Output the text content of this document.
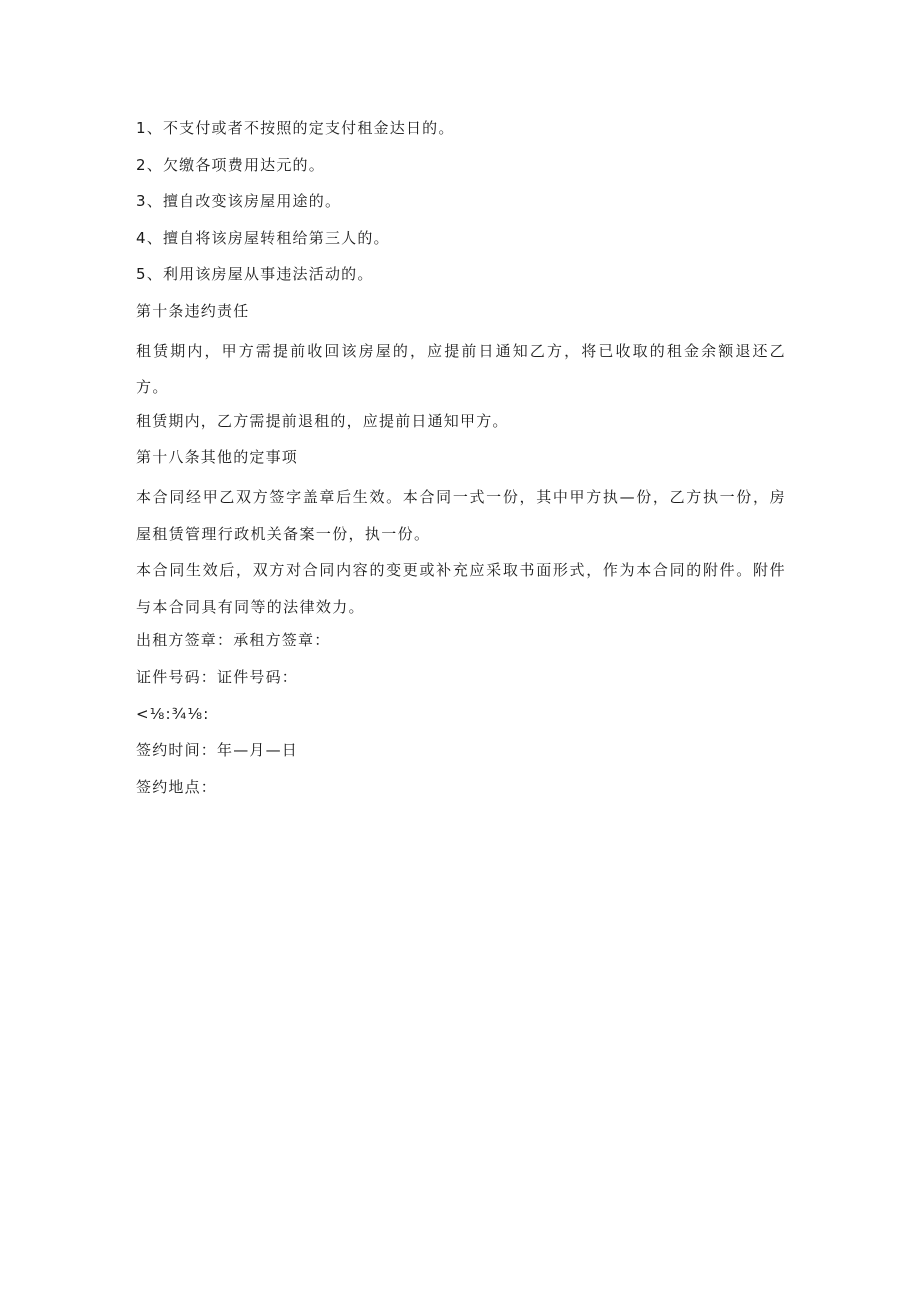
1、不支付或者不按照的定支付租金达日的。
2、欠缴各项费用达元的。
3、擅自改变该房屋用途的。
4、擅自将该房屋转租给第三人的。
5、利用该房屋从事违法活动的。
第十条违约责任
租赁期内，甲方需提前收回该房屋的，应提前日通知乙方，将已收取的租金余额退还乙方。
租赁期内，乙方需提前退租的，应提前日通知甲方。
第十八条其他的定事项
本合同经甲乙双方签字盖章后生效。本合同一式一份，其中甲方执—份，乙方执一份，房屋租赁管理行政机关备案一份，执一份。
本合同生效后，双方对合同内容的变更或补充应采取书面形式，作为本合同的附件。附件与本合同具有同等的法律效力。
出租方签章：承租方签章：
证件号码：证件号码：
<⅛:¾⅛:
签约时间：年—月—日
签约地点：
